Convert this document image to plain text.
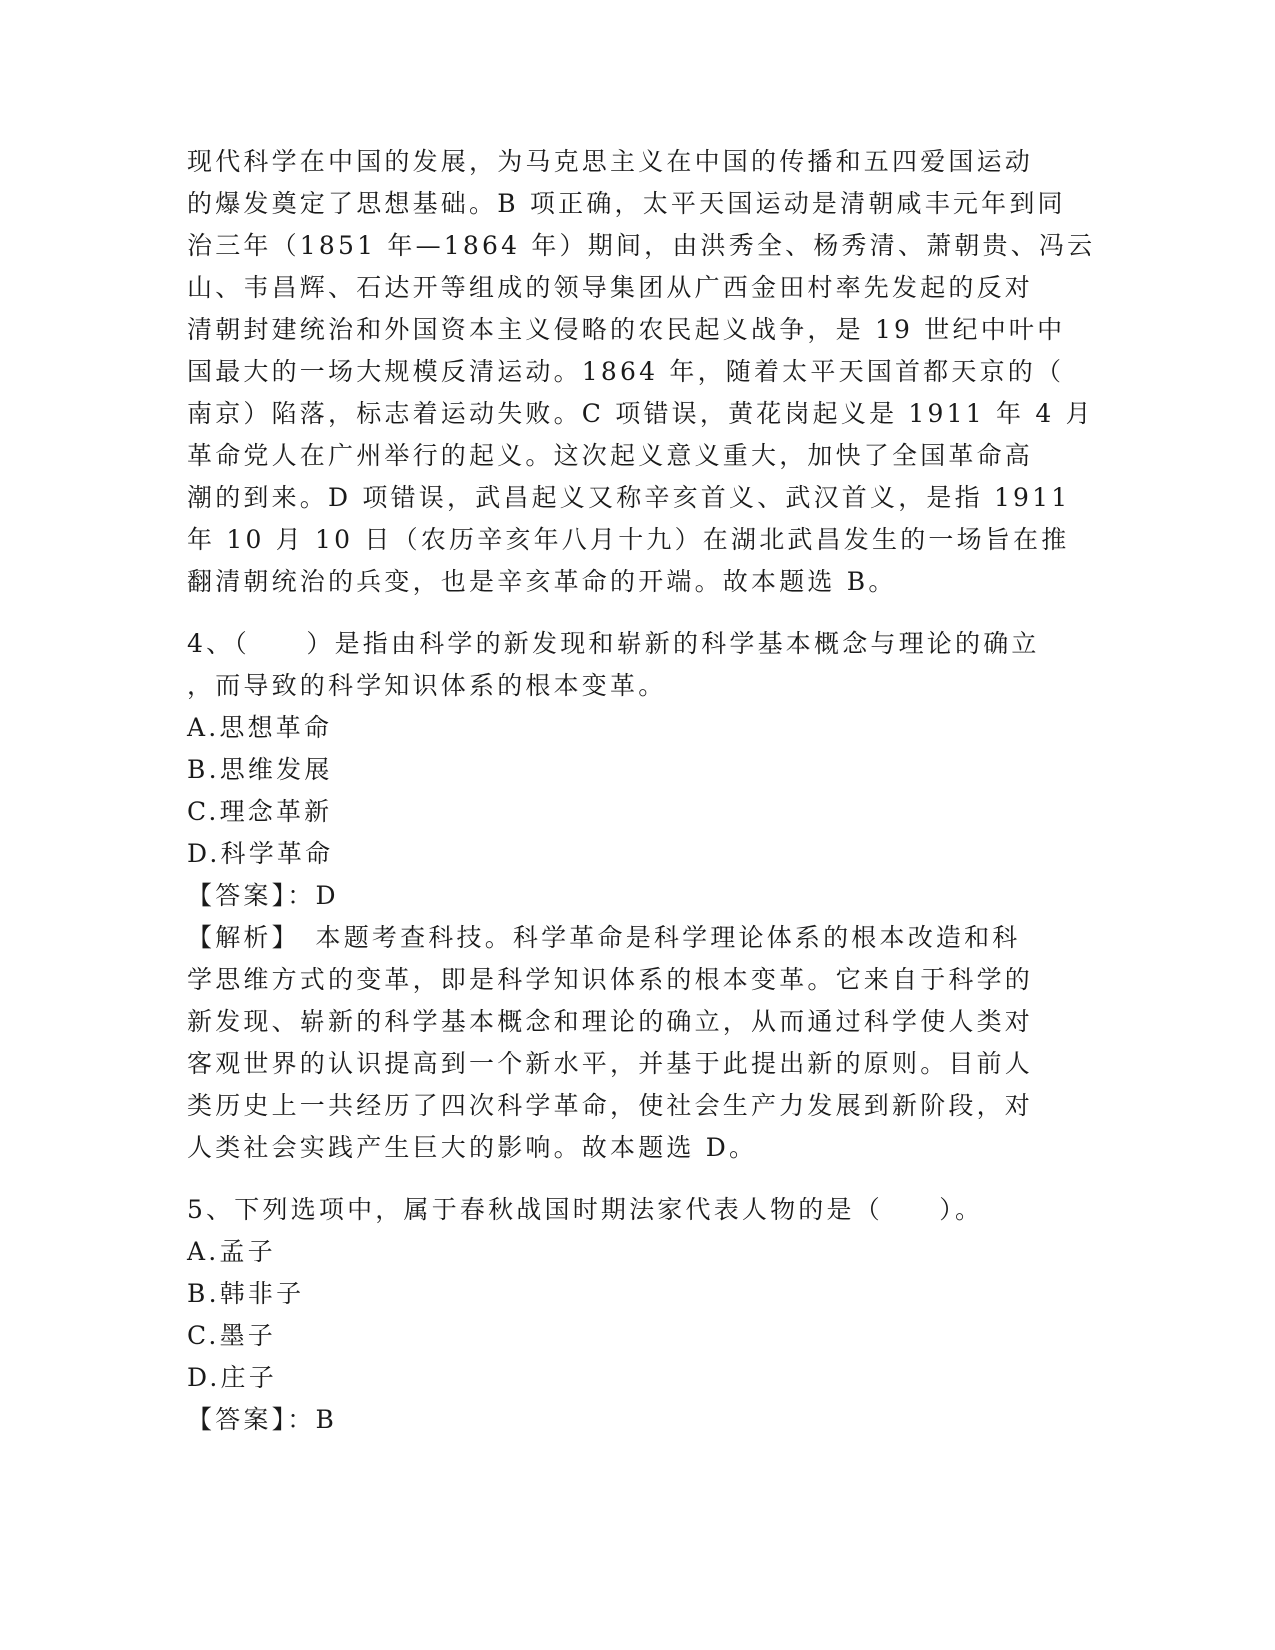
现代科学在中国的发展，为马克思主义在中国的传播和五四爱国运动
的爆发奠定了思想基础。B 项正确，太平天国运动是清朝咸丰元年到同
治三年（1851 年—1864 年）期间，由洪秀全、杨秀清、萧朝贵、冯云
山、韦昌辉、石达开等组成的领导集团从广西金田村率先发起的反对
清朝封建统治和外国资本主义侵略的农民起义战争，是 19 世纪中叶中
国最大的一场大规模反清运动。1864 年，随着太平天国首都天京的（
南京）陷落，标志着运动失败。C 项错误，黄花岗起义是 1911 年 4 月
革命党人在广州举行的起义。这次起义意义重大，加快了全国革命高
潮的到来。D 项错误，武昌起义又称辛亥首义、武汉首义，是指 1911
年 10 月 10 日（农历辛亥年八月十九）在湖北武昌发生的一场旨在推
翻清朝统治的兵变，也是辛亥革命的开端。故本题选 B。
4、（　　）是指由科学的新发现和崭新的科学基本概念与理论的确立
，而导致的科学知识体系的根本变革。
A.思想革命
B.思维发展
C.理念革新
D.科学革命
【答案】：D
【解析】　本题考查科技。科学革命是科学理论体系的根本改造和科
学思维方式的变革，即是科学知识体系的根本变革。它来自于科学的
新发现、崭新的科学基本概念和理论的确立，从而通过科学使人类对
客观世界的认识提高到一个新水平，并基于此提出新的原则。目前人
类历史上一共经历了四次科学革命，使社会生产力发展到新阶段，对
人类社会实践产生巨大的影响。故本题选 D。
5、下列选项中，属于春秋战国时期法家代表人物的是（　　）。
A.孟子
B.韩非子
C.墨子
D.庄子
【答案】：B
